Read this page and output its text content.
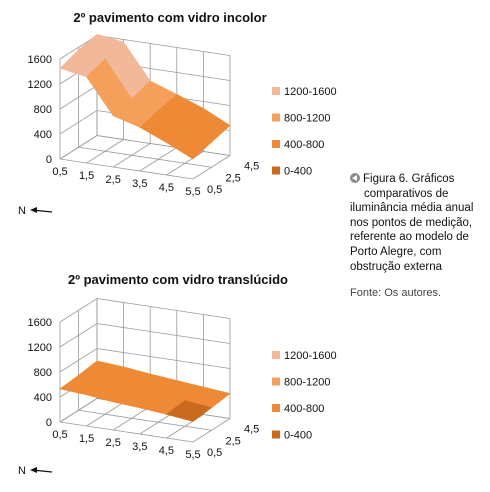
2º pavimento com vidro incolor
0
400
800
1200
1600
0,5 1,5 2,5 3,5 4,5 5,5 0,5
2,5
4,5
1200-1600
800-1200
400-800
0-400
N
2º pavimento com vidro translúcido
0
400
800
1200
1600
0,5 1,5 2,5 3,5 4,5 5,5 0,5
2,5
4,5
1200-1600
800-1200
400-800
0-400
N
Figura 6. Gráficos
comparativos de
iluminância média anual
nos pontos de medição,
referente ao modelo de
Porto Alegre, com
obstrução externa
Fonte: Os autores.
